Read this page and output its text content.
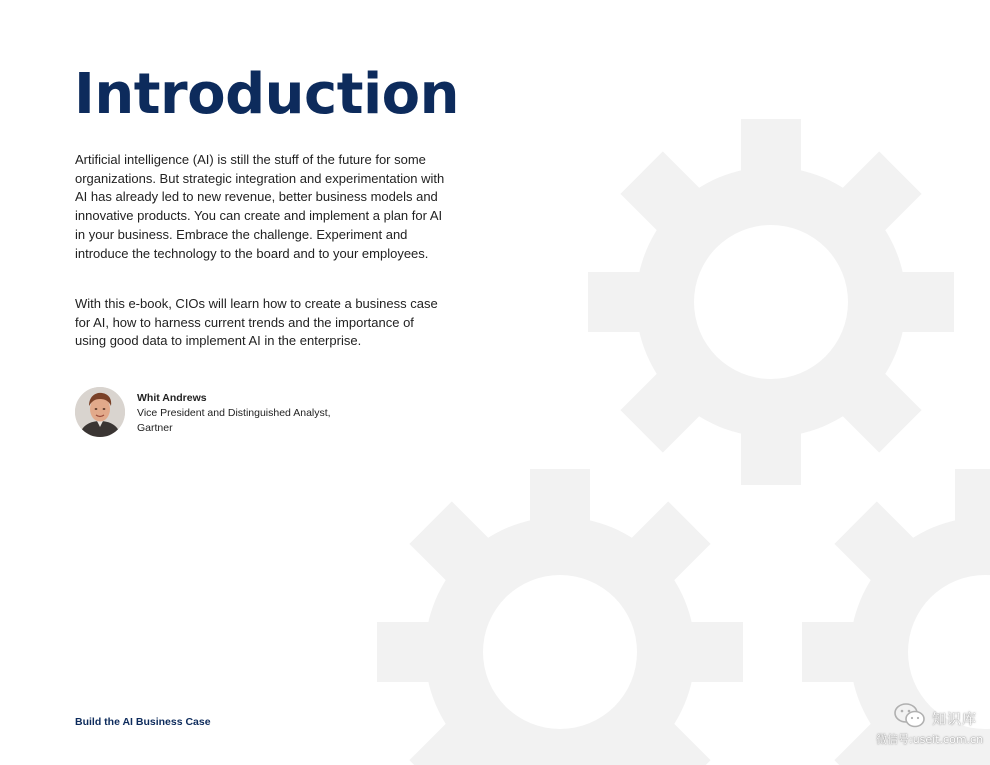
Introduction

Artificial intelligence (AI) is still the stuff of the future for some organizations. But strategic integration and experimentation with AI has already led to new revenue, better business models and innovative products. You can create and implement a plan for AI in your business. Embrace the challenge. Experiment and introduce the technology to the board and to your employees.

With this e-book, CIOs will learn how to create a business case for AI, how to harness current trends and the importance of using good data to implement AI in the enterprise.

Whit Andrews
Vice President and Distinguished Analyst, Gartner
Build the AI Business Case	知识库
微信号:useit.com.cn
